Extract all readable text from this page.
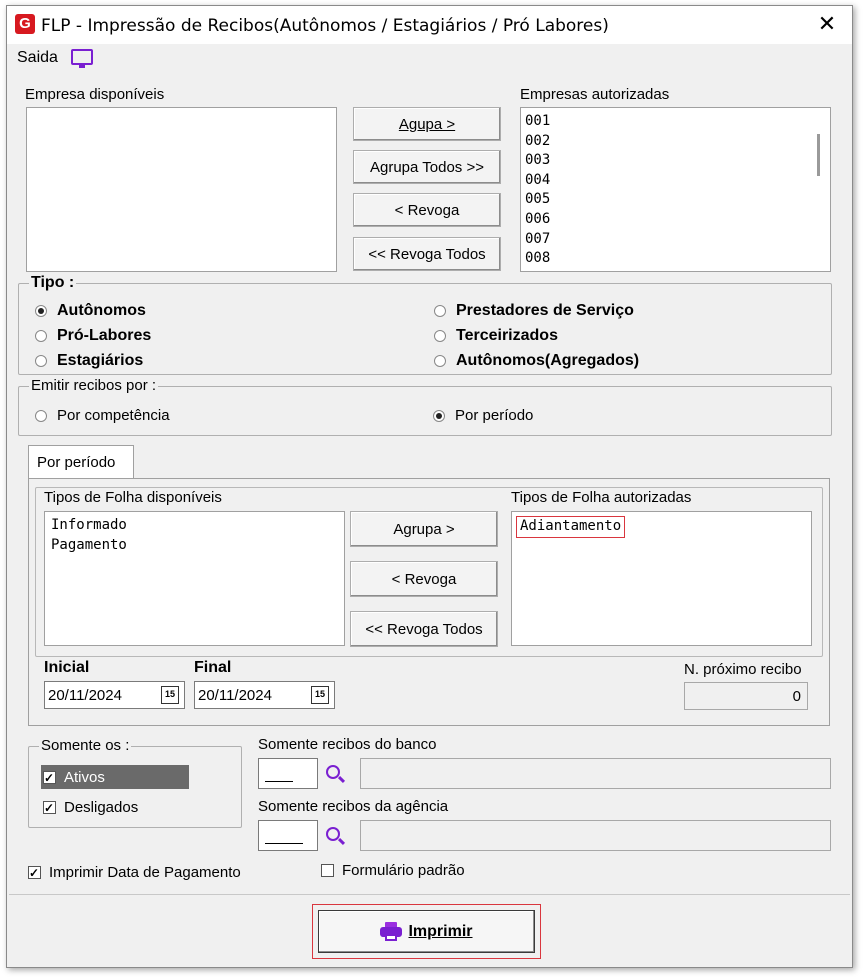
G FLP - Impressão de Recibos(Autônomos / Estagiários / Pró Labores)	✕
Saida
Empresa disponíveis
Agupa >
Agrupa Todos >>
< Revoga
<< Revoga Todos
Empresas autorizadas
001
002
003
004
005
006
007
008
Tipo :
Autônomos
Pró-Labores
Estagiários
Prestadores de Serviço
Terceirizados
Autônomos(Agregados)
Emitir recibos por :
Por competência	Por período
Por período
Tipos de Folha disponíveis
Informado
Pagamento
Agrupa >
< Revoga
<< Revoga Todos
Tipos de Folha autorizadas
Adiantamento
Inicial
20/11/2024	15
Final
20/11/2024	15
N. próximo recibo
0
Somente os :
✓
Ativos
✓
Desligados
Somente recibos do banco
Somente recibos da agência
✓
Imprimir Data de Pagamento	Formulário padrão
Imprimir
